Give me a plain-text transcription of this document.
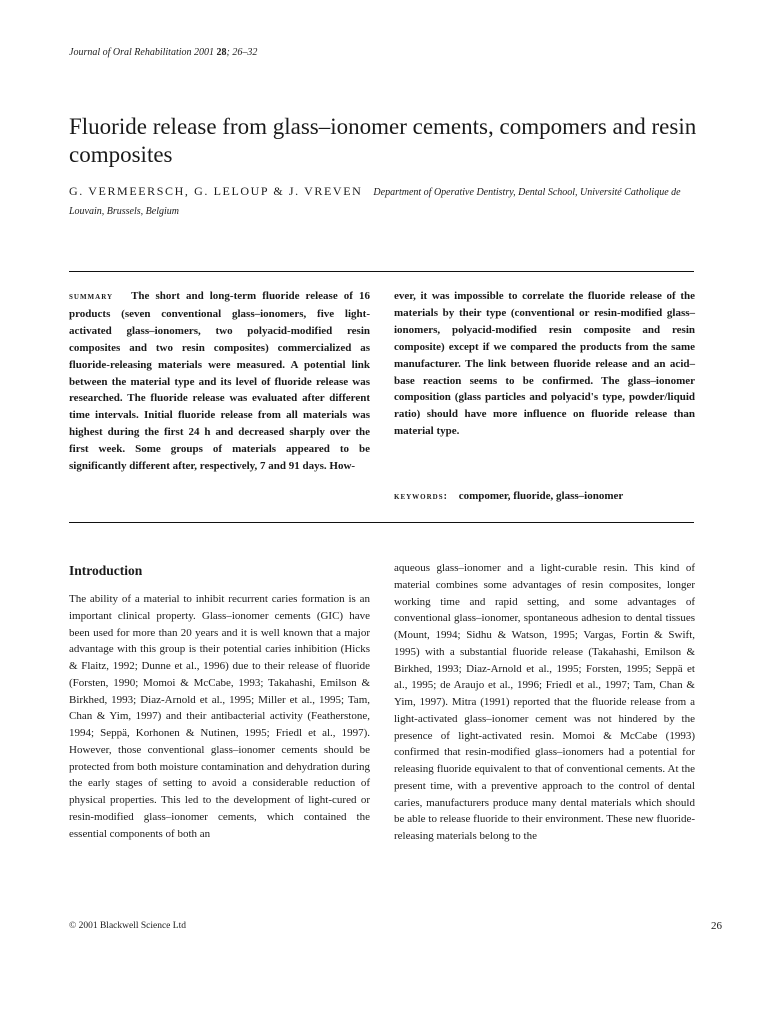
Journal of Oral Rehabilitation 2001 28; 26–32
Fluoride release from glass–ionomer cements, compomers and resin composites
G. VERMEERSCH, G. LELOUP & J. VREVEN Department of Operative Dentistry, Dental School, Université Catholique de Louvain, Brussels, Belgium

summary The short and long-term fluoride release of 16 products (seven conventional glass–ionomers, five light-activated glass–ionomers, two polyacid-modified resin composites and two resin composites) commercialized as fluoride-releasing materials were measured. A potential link between the material type and its level of fluoride release was researched. The fluoride release was evaluated after different time intervals. Initial fluoride release from all materials was highest during the first 24 h and decreased sharply over the first week. Some groups of materials appeared to be significantly different after, respectively, 7 and 91 days. How-

ever, it was impossible to correlate the fluoride release of the materials by their type (conventional or resin-modified glass–ionomers, polyacid-modified resin composite and resin composite) except if we compared the products from the same manufacturer. The link between fluoride release and an acid–base reaction seems to be confirmed. The glass–ionomer composition (glass particles and polyacid's type, powder/liquid ratio) should have more influence on fluoride release than material type.

keywords: compomer, fluoride, glass–ionomer

Introduction

The ability of a material to inhibit recurrent caries formation is an important clinical property. Glass–ionomer cements (GIC) have been used for more than 20 years and it is well known that a major advantage with this group is their potential caries inhibition (Hicks & Flaitz, 1992; Dunne et al., 1996) due to their release of fluoride (Forsten, 1990; Momoi & McCabe, 1993; Takahashi, Emilson & Birkhed, 1993; Diaz-Arnold et al., 1995; Miller et al., 1995; Tam, Chan & Yim, 1997) and their antibacterial activity (Featherstone, 1994; Seppä, Korhonen & Nutinen, 1995; Friedl et al., 1997). However, those conventional glass–ionomer cements should be protected from both moisture contamination and dehydration during the early stages of setting to avoid a considerable reduction of physical properties. This led to the development of light-cured or resin-modified glass–ionomer cements, which contained the essential components of both an

aqueous glass–ionomer and a light-curable resin. This kind of material combines some advantages of resin composites, longer working time and rapid setting, and some advantages of conventional glass–ionomer, spontaneous adhesion to dental tissues (Mount, 1994; Sidhu & Watson, 1995; Vargas, Fortin & Swift, 1995) with a substantial fluoride release (Takahashi, Emilson & Birkhed, 1993; Diaz-Arnold et al., 1995; Forsten, 1995; Seppä et al., 1995; de Araujo et al., 1996; Friedl et al., 1997; Tam, Chan & Yim, 1997). Mitra (1991) reported that the fluoride release from a light-activated glass–ionomer cement was not hindered by the presence of light-activated resin. Momoi & McCabe (1993) confirmed that resin-modified glass–ionomers had a potential for releasing fluoride equivalent to that of conventional cements. At the present time, with a preventive approach to the control of dental caries, manufacturers produce many dental materials which should be able to release fluoride to their environment. These new fluoride-releasing materials belong to the

© 2001 Blackwell Science Ltd	26
